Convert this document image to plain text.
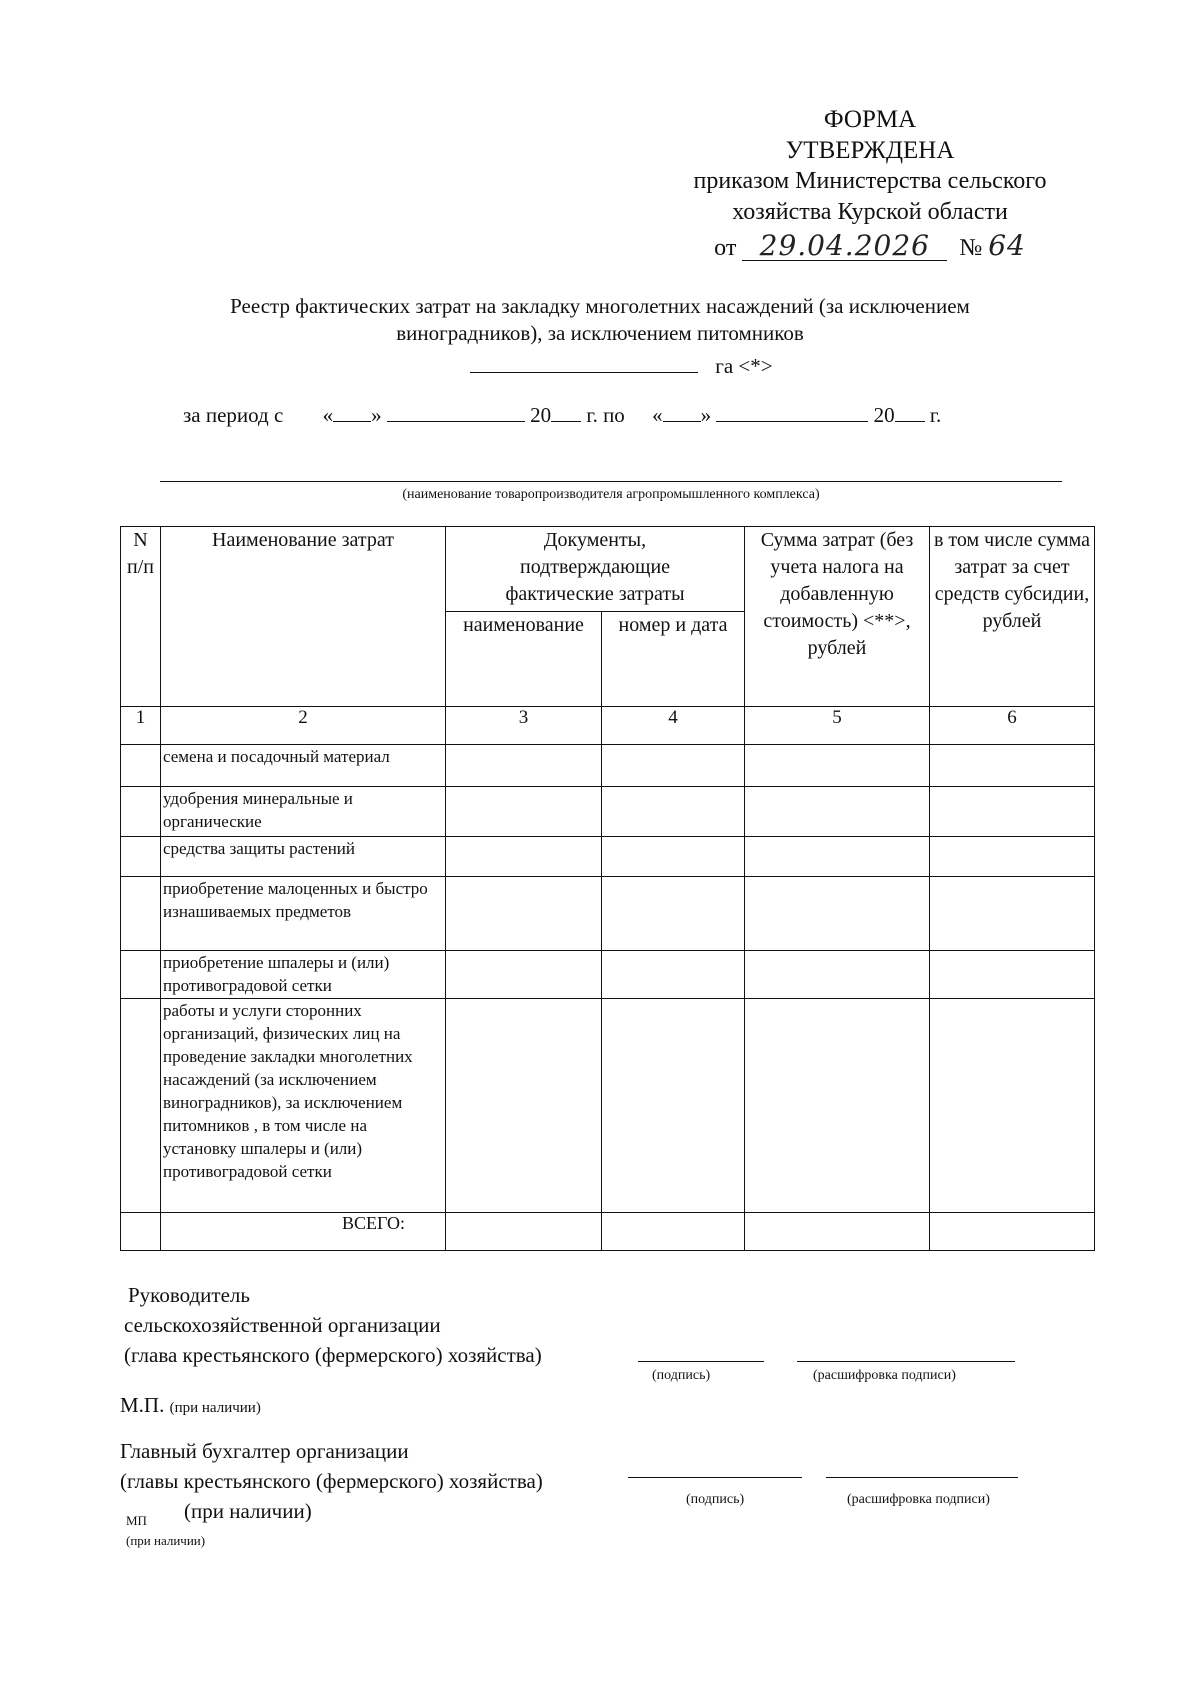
ФОРМА
УТВЕРЖДЕНА
приказом Министерства сельского
хозяйства Курской области
от 29.04.2026 № 64
Реестр фактических затрат на закладку многолетних насаждений (за исключением
виноградников), за исключением питомников
га <*>
за период с « »	20 г. по « »	20 г.
(наименование товаропроизводителя агропромышленного комплекса)
N п/п	Наименование затрат	Документы, подтверждающие фактические затраты		Сумма затрат (без учета налога на добавленную стоимость) <**>, рублей	в том числе сумма затрат за счет средств субсидии, рублей
		наименование	номер и дата		
1	2	3	4	5	6
	семена и посадочный материал				
	удобрения минеральные и органические				
	средства защиты растений				
	приобретение малоценных и быстро изнашиваемых предметов				
	приобретение шпалеры и (или) противоградовой сетки				
	работы и услуги сторонних организаций, физических лиц на проведение закладки многолетних насаждений (за исключением виноградников), за исключением питомников , в том числе на установку шпалеры и (или) противоградовой сетки				
	ВСЕГО:				
Руководитель
сельскохозяйственной организации
(глава крестьянского (фермерского) хозяйства)
(подпись)	(расшифровка подписи)
М.П. (при наличии)
Главный бухгалтер организации
(главы крестьянского (фермерского) хозяйства)
(при наличии)	(подпись)	(расшифровка подписи)
МП
(при наличии)
